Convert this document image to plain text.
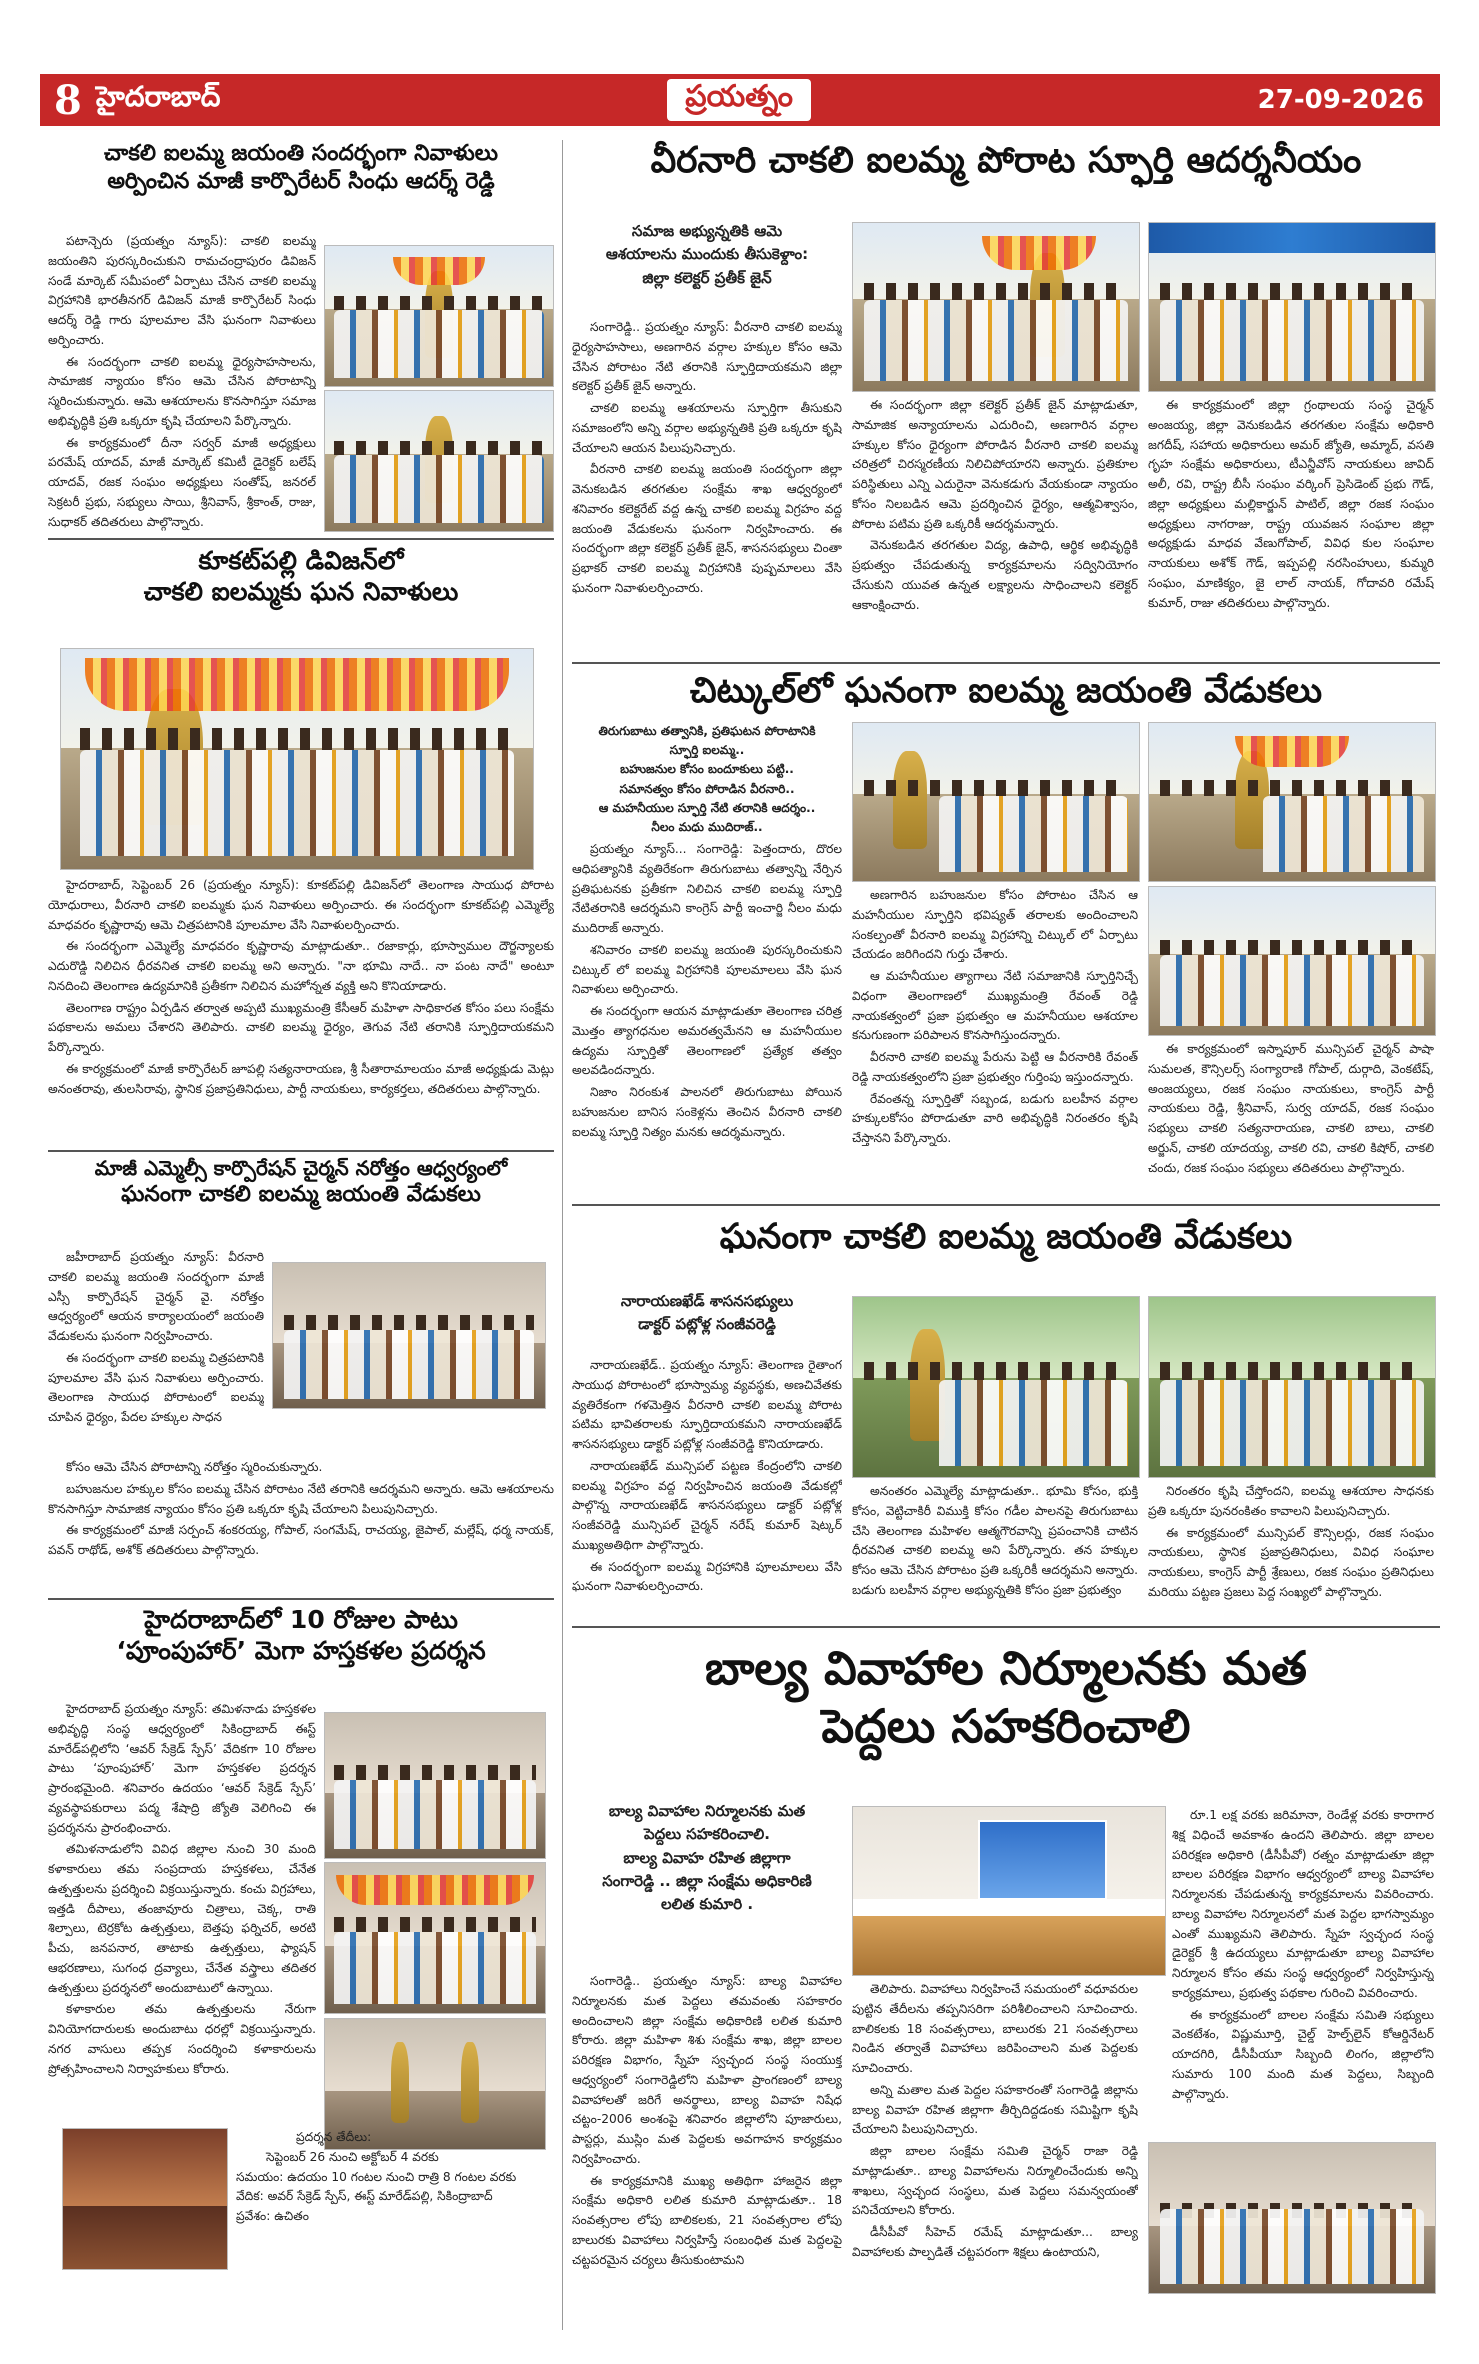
8 హైదరాబాద్	ప్రయత్నం	27-09-2026
చాకలి ఐలమ్మ జయంతి సందర్భంగా నివాళులు
అర్పించిన మాజీ కార్పొరేటర్ సింధు ఆదర్శ్ రెడ్డి

పటాన్చెరు (ప్రయత్నం న్యూస్): చాకలి ఐలమ్మ జయంతిని పురస్కరించుకుని రామచంద్రాపురం డివిజన్ సండే మార్కెట్ సమీపంలో ఏర్పాటు చేసిన చాకలి ఐలమ్మ విగ్రహానికి భారతీనగర్ డివిజన్ మాజీ కార్పొరేటర్ సింధు ఆదర్శ్ రెడ్డి గారు పూలమాల వేసి ఘనంగా నివాళులు అర్పించారు.

ఈ సందర్భంగా చాకలి ఐలమ్మ ధైర్యసాహసాలను, సామాజిక న్యాయం కోసం ఆమె చేసిన పోరాటాన్ని స్మరించుకున్నారు. ఆమె ఆశయాలను కొనసాగిస్తూ సమాజ అభివృద్ధికి ప్రతి ఒక్కరూ కృషి చేయాలని పేర్కొన్నారు.

ఈ కార్యక్రమంలో దీనా సర్వర్ మాజీ అధ్యక్షులు పరమేష్ యాదవ్, మాజీ మార్కెట్ కమిటీ డైరెక్టర్ బలేష్ యాదవ్, రజక సంఘం అధ్యక్షులు సంతోష్, జనరల్ సెక్రటరీ ప్రభు, సభ్యులు సాయి, శ్రీనివాస్, శ్రీకాంత్, రాజు, సుధాకర్ తదితరులు పాల్గొన్నారు.

కూకట్‌పల్లి డివిజన్‌లో
చాకలి ఐలమ్మకు ఘన నివాళులు

హైదరాబాద్, సెప్టెంబర్ 26 (ప్రయత్నం న్యూస్): కూకట్‌పల్లి డివిజన్‌లో తెలంగాణ సాయుధ పోరాట యోధురాలు, వీరనారి చాకలి ఐలమ్మకు ఘన నివాళులు అర్పించారు. ఈ సందర్భంగా కూకట్‌పల్లి ఎమ్మెల్యే మాధవరం కృష్ణారావు ఆమె చిత్రపటానికి పూలమాల వేసి నివాళులర్పించారు.

ఈ సందర్భంగా ఎమ్మెల్యే మాధవరం కృష్ణారావు మాట్లాడుతూ.. రజాకార్లు, భూస్వాముల దౌర్జన్యాలకు ఎదురొడ్డి నిలిచిన ధీరవనిత చాకలి ఐలమ్మ అని అన్నారు. "నా భూమి నాదే.. నా పంట నాదే" అంటూ నినదించి తెలంగాణ ఉద్యమానికి ప్రతీకగా నిలిచిన మహోన్నత వ్యక్తి అని కొనియాడారు.

తెలంగాణ రాష్ట్రం ఏర్పడిన తర్వాత అప్పటి ముఖ్యమంత్రి కేసీఆర్ మహిళా సాధికారత కోసం పలు సంక్షేమ పథకాలను అమలు చేశారని తెలిపారు. చాకలి ఐలమ్మ ధైర్యం, తెగువ నేటి తరానికి స్ఫూర్తిదాయకమని పేర్కొన్నారు.

ఈ కార్యక్రమంలో మాజీ కార్పొరేటర్ జూపల్లి సత్యనారాయణ, శ్రీ సీతారామాలయం మాజీ అధ్యక్షుడు మెట్లు అనంతరావు, తులసిరావు, స్థానిక ప్రజాప్రతినిధులు, పార్టీ నాయకులు, కార్యకర్తలు, తదితరులు పాల్గొన్నారు.

మాజీ ఎమ్మెల్సీ కార్పొరేషన్ చైర్మన్ నరోత్తం ఆధ్వర్యంలో
ఘనంగా చాకలి ఐలమ్మ జయంతి వేడుకలు

జహీరాబాద్ ప్రయత్నం న్యూస్: వీరనారి చాకలి ఐలమ్మ జయంతి సందర్భంగా మాజీ ఎస్సీ కార్పొరేషన్ చైర్మన్ వై. నరోత్తం ఆధ్వర్యంలో ఆయన కార్యాలయంలో జయంతి వేడుకలను ఘనంగా నిర్వహించారు.

ఈ సందర్భంగా చాకలి ఐలమ్మ చిత్రపటానికి పూలమాల వేసి ఘన నివాళులు అర్పించారు. తెలంగాణ సాయుధ పోరాటంలో ఐలమ్మ చూపిన ధైర్యం, పేదల హక్కుల సాధన

కోసం ఆమె చేసిన పోరాటాన్ని నరోత్తం స్మరించుకున్నారు.

బహుజనుల హక్కుల కోసం ఐలమ్మ చేసిన పోరాటం నేటి తరానికి ఆదర్శమని అన్నారు. ఆమె ఆశయాలను కొనసాగిస్తూ సామాజిక న్యాయం కోసం ప్రతి ఒక్కరూ కృషి చేయాలని పిలుపునిచ్చారు.

ఈ కార్యక్రమంలో మాజీ సర్పంచ్ శంకరయ్య, గోపాల్, సంగమేష్, రాచయ్య, జైపాల్, మల్లేష్, ధర్మ నాయక్, పవన్ రాథోడ్, అశోక్ తదితరులు పాల్గొన్నారు.

హైదరాబాద్‌లో 10 రోజుల పాటు
‘పూంపుహార్’ మెగా హస్తకళల ప్రదర్శన

హైదరాబాద్ ప్రయత్నం న్యూస్: తమిళనాడు హస్తకళల అభివృద్ధి సంస్థ ఆధ్వర్యంలో సికింద్రాబాద్ ఈస్ట్ మారేడ్‌పల్లిలోని ‘ఆవర్ సేక్రెడ్ స్పేస్’ వేదికగా 10 రోజుల పాటు ‘పూంపుహార్’ మెగా హస్తకళల ప్రదర్శన ప్రారంభమైంది. శనివారం ఉదయం ‘ఆవర్ సేక్రెడ్ స్పేస్’ వ్యవస్థాపకురాలు పద్మ శేషాద్రి జ్యోతి వెలిగించి ఈ ప్రదర్శనను ప్రారంభించారు.

తమిళనాడులోని వివిధ జిల్లాల నుంచి 30 మంది కళాకారులు తమ సంప్రదాయ హస్తకళలు, చేనేత ఉత్పత్తులను ప్రదర్శించి విక్రయిస్తున్నారు. కంచు విగ్రహాలు, ఇత్తడి దీపాలు, తంజావూరు చిత్రాలు, చెక్క, రాతి శిల్పాలు, టెర్రకోట ఉత్పత్తులు, బెత్తపు ఫర్నిచర్, అరటి పీచు, జనపనార, తాటాకు ఉత్పత్తులు, ఫ్యాషన్ ఆభరణాలు, సుగంధ ద్రవ్యాలు, చేనేత వస్త్రాలు తదితర ఉత్పత్తులు ప్రదర్శనలో అందుబాటులో ఉన్నాయి.

కళాకారుల తమ ఉత్పత్తులను నేరుగా వినియోగదారులకు అందుబాటు ధరల్లో విక్రయిస్తున్నారు. నగర వాసులు తప్పక సందర్శించి కళాకారులను ప్రోత్సహించాలని నిర్వాహకులు కోరారు.

ప్రదర్శన తేదీలు:
సెప్టెంబర్ 26 నుంచి అక్టోబర్ 4 వరకు
సమయం: ఉదయం 10 గంటల నుంచి రాత్రి 8 గంటల వరకు
వేదిక: అవర్ సేక్రెడ్ స్పేస్, ఈస్ట్ మారేడ్‌పల్లి, సికింద్రాబాద్
ప్రవేశం: ఉచితం
వీరనారి చాకలి ఐలమ్మ పోరాట స్ఫూర్తి ఆదర్శనీయం
సమాజ అభ్యున్నతికి ఆమె
ఆశయాలను ముందుకు తీసుకెళ్దాం:
జిల్లా కలెక్టర్ ప్రతీక్ జైన్

సంగారెడ్డి.. ప్రయత్నం న్యూస్: వీరనారి చాకలి ఐలమ్మ ధైర్యసాహసాలు, అణగారిన వర్గాల హక్కుల కోసం ఆమె చేసిన పోరాటం నేటి తరానికి స్ఫూర్తిదాయకమని జిల్లా కలెక్టర్ ప్రతీక్ జైన్ అన్నారు.

చాకలి ఐలమ్మ ఆశయాలను స్ఫూర్తిగా తీసుకుని సమాజంలోని అన్ని వర్గాల అభ్యున్నతికి ప్రతి ఒక్కరూ కృషి చేయాలని ఆయన పిలుపునిచ్చారు.

వీరనారి చాకలి ఐలమ్మ జయంతి సందర్భంగా జిల్లా వెనుకబడిన తరగతుల సంక్షేమ శాఖ ఆధ్వర్యంలో శనివారం కలెక్టరేట్ వద్ద ఉన్న చాకలి ఐలమ్మ విగ్రహం వద్ద జయంతి వేడుకలను ఘనంగా నిర్వహించారు. ఈ సందర్భంగా జిల్లా కలెక్టర్ ప్రతీక్ జైన్, శాసనసభ్యులు చింతా ప్రభాకర్ చాకలి ఐలమ్మ విగ్రహానికి పుష్పమాలలు వేసి ఘనంగా నివాళులర్పించారు.

ఈ సందర్భంగా జిల్లా కలెక్టర్ ప్రతీక్ జైన్ మాట్లాడుతూ, సామాజిక అన్యాయాలను ఎదురించి, అణగారిన వర్గాల హక్కుల కోసం ధైర్యంగా పోరాడిన వీరనారి చాకలి ఐలమ్మ చరిత్రలో చిరస్మరణీయ నిలిచిపోయారని అన్నారు. ప్రతికూల పరిస్థితులు ఎన్ని ఎదురైనా వెనుకడుగు వేయకుండా న్యాయం కోసం నిలబడిన ఆమె ప్రదర్శించిన ధైర్యం, ఆత్మవిశ్వాసం, పోరాట పటిమ ప్రతి ఒక్కరికీ ఆదర్శమన్నారు.

వెనుకబడిన తరగతుల విద్య, ఉపాధి, ఆర్థిక అభివృద్ధికి ప్రభుత్వం చేపడుతున్న కార్యక్రమాలను సద్వినియోగం చేసుకుని యువత ఉన్నత లక్ష్యాలను సాధించాలని కలెక్టర్ ఆకాంక్షించారు.

ఈ కార్యక్రమంలో జిల్లా గ్రంథాలయ సంస్థ చైర్మన్ అంజయ్య, జిల్లా వెనుకబడిన తరగతుల సంక్షేమ అధికారి జగదీష్, సహాయ అధికారులు అమర్ జ్యోతి, అమ్మాద్, వసతి గృహ సంక్షేమ అధికారులు, టీఎన్జీవోస్ నాయకులు జావిద్ అలీ, రవి, రాష్ట్ర బీసీ సంఘం వర్కింగ్ ప్రెసిడెంట్ ప్రభు గౌడ్, జిల్లా అధ్యక్షులు మల్లికార్జున్ పాటిల్, జిల్లా రజక సంఘం అధ్యక్షులు నాగరాజు, రాష్ట్ర యువజన సంఘాల జిల్లా అధ్యక్షుడు మాధవ వేణుగోపాల్, వివిధ కుల సంఘాల నాయకులు అశోక్ గౌడ్, ఇప్పపల్లి నరసింహులు, కుమ్మరి సంఘం, మాణిక్యం, జై లాల్ నాయక్, గోదావరి రమేష్ కుమార్, రాజు తదితరులు పాల్గొన్నారు.

చిట్కుల్‌లో ఘనంగా ఐలమ్మ జయంతి వేడుకలు
తిరుగుబాటు తత్వానికి, ప్రతిఘటన పోరాటానికి
స్ఫూర్తి ఐలమ్మ..
బహుజనుల కోసం బందూకులు పట్టి..
సమానత్వం కోసం పోరాడిన వీరనారి..
ఆ మహనీయుల స్ఫూర్తి నేటి తరానికి ఆదర్శం..
నీలం మధు ముదిరాజ్..

ప్రయత్నం న్యూస్... సంగారెడ్డి: పెత్తందారు, దొరల ఆధిపత్యానికి వ్యతిరేకంగా తిరుగుబాటు తత్వాన్ని నేర్పిన ప్రతిఘటనకు ప్రతీకగా నిలిచిన చాకలి ఐలమ్మ స్ఫూర్తి నేటితరానికి ఆదర్శమని కాంగ్రెస్ పార్టీ ఇంచార్జి నీలం మధు ముదిరాజ్ అన్నారు.

శనివారం చాకలి ఐలమ్మ జయంతి పురస్కరించుకుని చిట్కుల్ లో ఐలమ్మ విగ్రహానికి పూలమాలలు వేసి ఘన నివాళులు అర్పించారు.

ఈ సందర్భంగా ఆయన మాట్లాడుతూ తెలంగాణ చరిత్ర మొత్తం త్యాగధనుల అమరత్వమేనని ఆ మహనీయుల ఉద్యమ స్ఫూర్తితో తెలంగాణలో ప్రత్యేక తత్వం అలవడిందన్నారు.

నిజాం నిరంకుశ పాలనలో తిరుగుబాటు పోయిన బహుజనుల బానిస సంకెళ్లను తెంచిన వీరనారి చాకలి ఐలమ్మ స్ఫూర్తి నిత్యం మనకు ఆదర్శమన్నారు.

అణగారిన బహుజనుల కోసం పోరాటం చేసిన ఆ మహనీయుల స్ఫూర్తిని భవిష్యత్ తరాలకు అందించాలని సంకల్పంతో వీరనారి ఐలమ్మ విగ్రహాన్ని చిట్కుల్ లో ఏర్పాటు చేయడం జరిగిందని గుర్తు చేశారు.

ఆ మహనీయుల త్యాగాలు నేటి సమాజానికి స్ఫూర్తినిచ్చే విధంగా తెలంగాణలో ముఖ్యమంత్రి రేవంత్ రెడ్డి నాయకత్వంలో ప్రజా ప్రభుత్వం ఆ మహనీయుల ఆశయాల కనుగుణంగా పరిపాలన కొనసాగిస్తుందన్నారు.

వీరనారి చాకలి ఐలమ్మ పేరును పెట్టి ఆ వీరనారికి రేవంత్ రెడ్డి నాయకత్వంలోని ప్రజా ప్రభుత్వం గుర్తింపు ఇస్తుందన్నారు.

రేవంతన్న స్ఫూర్తితో సబ్బండ, బడుగు బలహీన వర్గాల హక్కులకోసం పోరాడుతూ వారి అభివృద్ధికి నిరంతరం కృషి చేస్తానని పేర్కొన్నారు.

ఈ కార్యక్రమంలో ఇస్నాపూర్ మున్సిపల్ చైర్మన్ పాషా సుమలత, కౌన్సిలర్స్ సంగ్యారాణి గోపాల్, దుర్గాది, వెంకటేష్, అంజయ్యలు, రజక సంఘం నాయకులు, కాంగ్రెస్ పార్టీ నాయకులు రెడ్డి, శ్రీనివాస్, సుర్వ యాదవ్, రజక సంఘం సభ్యులు చాకలి సత్యనారాయణ, చాకలి బాలు, చాకలి అర్జున్, చాకలి యాదయ్య, చాకలి రవి, చాకలి కిషోర్, చాకలి చందు, రజక సంఘం సభ్యులు తదితరులు పాల్గొన్నారు.

ఘనంగా చాకలి ఐలమ్మ జయంతి వేడుకలు
నారాయణఖేడ్ శాసనసభ్యులు
డాక్టర్ పట్లోళ్ల సంజీవరెడ్డి

నారాయణఖేడ్.. ప్రయత్నం న్యూస్: తెలంగాణ రైతాంగ సాయుధ పోరాటంలో భూస్వామ్య వ్యవస్థకు, అణచివేతకు వ్యతిరేకంగా గళమెత్తిన వీరనారి చాకలి ఐలమ్మ పోరాట పటిమ భావితరాలకు స్ఫూర్తిదాయకమని నారాయణఖేడ్ శాసనసభ్యులు డాక్టర్ పట్లోళ్ల సంజీవరెడ్డి కొనియాడారు.

నారాయణఖేడ్ మున్సిపల్ పట్టణ కేంద్రంలోని చాకలి ఐలమ్మ విగ్రహం వద్ద నిర్వహించిన జయంతి వేడుకల్లో పాల్గొన్న నారాయణఖేడ్ శాసనసభ్యులు డాక్టర్ పట్లోళ్ల సంజీవరెడ్డి మున్సిపల్ చైర్మన్ నరేష్ కుమార్ షెట్కర్ ముఖ్యఅతిథిగా పాల్గొన్నారు.

ఈ సందర్భంగా ఐలమ్మ విగ్రహానికి పూలమాలలు వేసి ఘనంగా నివాళులర్పించారు.

అనంతరం ఎమ్మెల్యే మాట్లాడుతూ.. భూమి కోసం, భుక్తి కోసం, వెట్టిచాకిరీ విముక్తి కోసం గడీల పాలనపై తిరుగుబాటు చేసి తెలంగాణ మహిళల ఆత్మగౌరవాన్ని ప్రపంచానికి చాటిన ధీరవనిత చాకలి ఐలమ్మ అని పేర్కొన్నారు. తన హక్కుల కోసం ఆమె చేసిన పోరాటం ప్రతి ఒక్కరికీ ఆదర్శమని అన్నారు. బడుగు బలహీన వర్గాల అభ్యున్నతికి కోసం ప్రజా ప్రభుత్వం

నిరంతరం కృషి చేస్తోందని, ఐలమ్మ ఆశయాల సాధనకు ప్రతి ఒక్కరూ పునరంకితం కావాలని పిలుపునిచ్చారు.

ఈ కార్యక్రమంలో మున్సిపల్ కౌన్సిలర్లు, రజక సంఘం నాయకులు, స్థానిక ప్రజాప్రతినిధులు, వివిధ సంఘాల నాయకులు, కాంగ్రెస్ పార్టీ శ్రేణులు, రజక సంఘం ప్రతినిధులు మరియు పట్టణ ప్రజలు పెద్ద సంఖ్యలో పాల్గొన్నారు.

బాల్య వివాహాల నిర్మూలనకు మత
పెద్దలు సహకరించాలి
బాల్య వివాహాల నిర్మూలనకు మత
పెద్దలు సహకరించాలి.
బాల్య వివాహ రహిత జిల్లాగా
సంగారెడ్డి .. జిల్లా సంక్షేమ అధికారిణి
లలిత కుమారి .

సంగారెడ్డి.. ప్రయత్నం న్యూస్: బాల్య వివాహాల నిర్మూలనకు మత పెద్దలు తమవంతు సహకారం అందించాలని జిల్లా సంక్షేమ అధికారిణి లలిత కుమారి కోరారు. జిల్లా మహిళా శిశు సంక్షేమ శాఖ, జిల్లా బాలల పరిరక్షణ విభాగం, స్నేహ స్వచ్ఛంద సంస్థ సంయుక్త ఆధ్వర్యంలో సంగారెడ్డిలోని మహిళా ప్రాంగణంలో బాల్య వివాహాలతో జరిగే అనర్థాలు, బాల్య వివాహ నిషేధ చట్టం-2006 అంశంపై శనివారం జిల్లాలోని పూజారులు, పాస్టర్లు, ముస్లిం మత పెద్దలకు అవగాహన కార్యక్రమం నిర్వహించారు.

ఈ కార్యక్రమానికి ముఖ్య అతిథిగా హాజరైన జిల్లా సంక్షేమ అధికారి లలిత కుమారి మాట్లాడుతూ.. 18 సంవత్సరాల లోపు బాలికలకు, 21 సంవత్సరాల లోపు బాలురకు వివాహాలు నిర్వహిస్తే సంబంధిత మత పెద్దలపై చట్టపరమైన చర్యలు తీసుకుంటామని

తెలిపారు. వివాహాలు నిర్వహించే సమయంలో వధూవరుల పుట్టిన తేదీలను తప్పనిసరిగా పరిశీలించాలని సూచించారు. బాలికలకు 18 సంవత్సరాలు, బాలురకు 21 సంవత్సరాలు నిండిన తర్వాతే వివాహాలు జరిపించాలని మత పెద్దలకు సూచించారు.

అన్ని మతాల మత పెద్దల సహకారంతో సంగారెడ్డి జిల్లాను బాల్య వివాహ రహిత జిల్లాగా తీర్చిదిద్దడంకు సమిష్టిగా కృషి చేయాలని పిలుపునిచ్చారు.

జిల్లా బాలల సంక్షేమ సమితి చైర్మన్ రాజా రెడ్డి మాట్లాడుతూ.. బాల్య వివాహాలను నిర్మూలించేందుకు అన్ని శాఖలు, స్వచ్ఛంద సంస్థలు, మత పెద్దలు సమన్వయంతో పనిచేయాలని కోరారు.

డీసీపీవో సీహెచ్ రమేష్ మాట్లాడుతూ... బాల్య వివాహాలకు పాల్పడితే చట్టపరంగా శిక్షలు ఉంటాయని,

రూ.1 లక్ష వరకు జరిమానా, రెండేళ్ల వరకు కారాగార శిక్ష విధించే అవకాశం ఉందని తెలిపారు. జిల్లా బాలల పరిరక్షణ అధికారి (డీసీపీవో) రత్నం మాట్లాడుతూ జిల్లా బాలల పరిరక్షణ విభాగం ఆధ్వర్యంలో బాల్య వివాహాల నిర్మూలనకు చేపడుతున్న కార్యక్రమాలను వివరించారు. బాల్య వివాహాల నిర్మూలనలో మత పెద్దల భాగస్వామ్యం ఎంతో ముఖ్యమని తెలిపారు. స్నేహ స్వచ్ఛంద సంస్థ డైరెక్టర్ శ్రీ ఉదయ్యలు మాట్లాడుతూ బాల్య వివాహాల నిర్మూలన కోసం తమ సంస్థ ఆధ్వర్యంలో నిర్వహిస్తున్న కార్యక్రమాలు, ప్రభుత్వ పథకాల గురించి వివరించారు.

ఈ కార్యక్రమంలో బాలల సంక్షేమ సమితి సభ్యులు వెంకటేశం, విష్ణుమూర్తి, చైల్డ్ హెల్ప్‌లైన్ కోఆర్డినేటర్ యాదగిరి, డీసీపీయూ సిబ్బంది లింగం, జిల్లాలోని సుమారు 100 మంది మత పెద్దలు, సిబ్బంది పాల్గొన్నారు.
